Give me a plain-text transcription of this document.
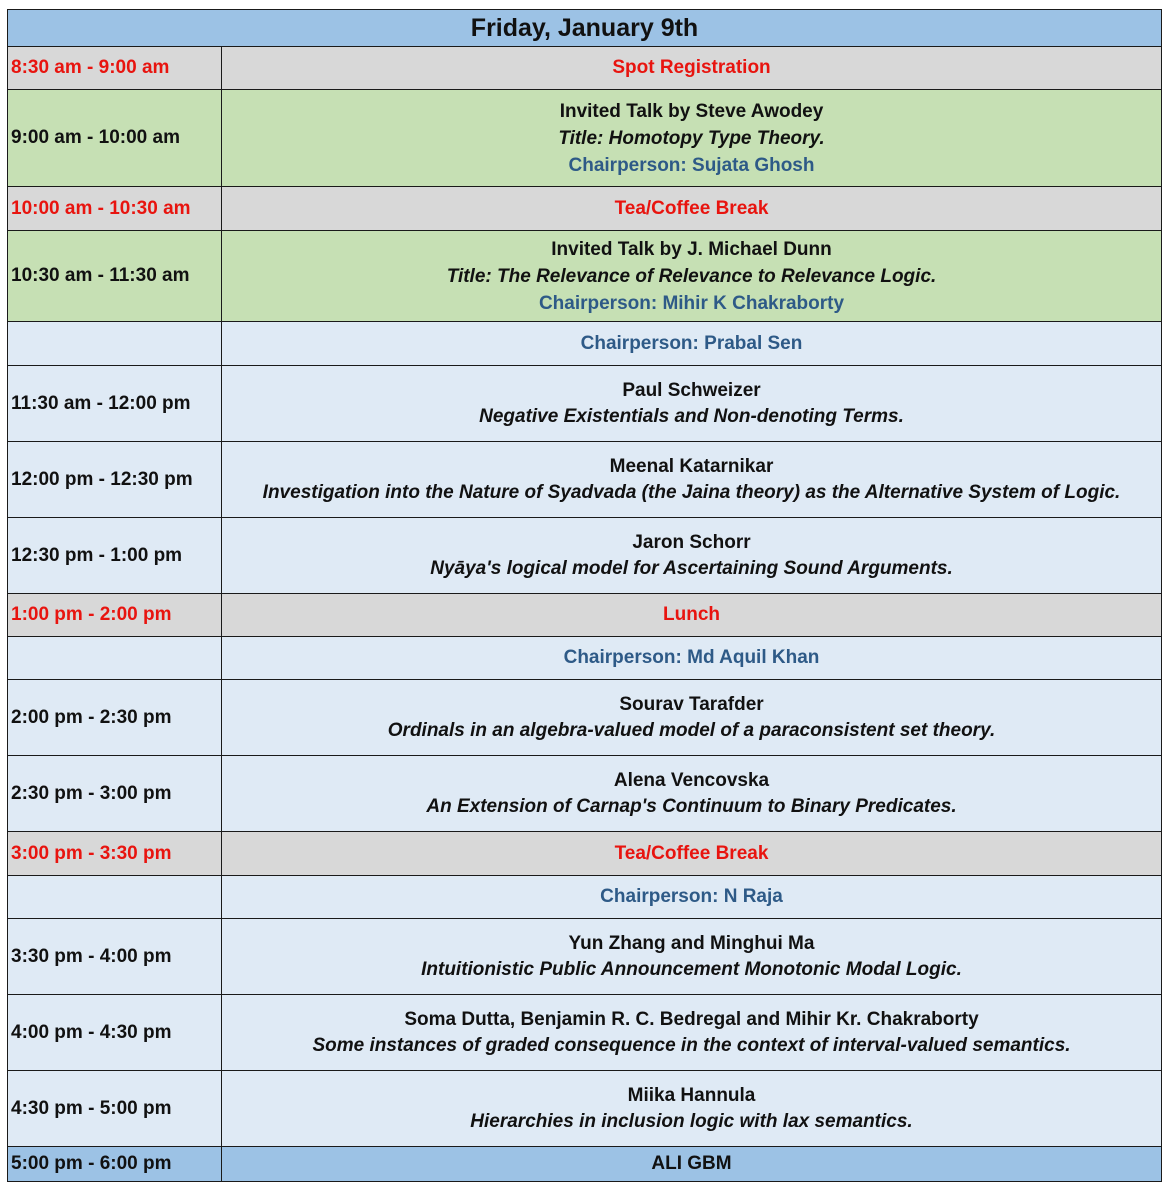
Friday, January 9th	
8:30 am - 9:00 am	Spot Registration
9:00 am - 10:00 am	Invited Talk by Steve Awodey
Title: Homotopy Type Theory.
Chairperson: Sujata Ghosh

10:00 am - 10:30 am	Tea/Coffee Break
10:30 am - 11:30 am	Invited Talk by J. Michael Dunn
Title: The Relevance of Relevance to Relevance Logic.
Chairperson: Mihir K Chakraborty

	Chairperson: Prabal Sen
11:30 am - 12:00 pm	Paul Schweizer
Negative Existentials and Non-denoting Terms.

12:00 pm - 12:30 pm	Meenal Katarnikar
Investigation into the Nature of Syadvada (the Jaina theory) as the Alternative System of Logic.

12:30 pm - 1:00 pm	Jaron Schorr
Nyāya's logical model for Ascertaining Sound Arguments.

1:00 pm - 2:00 pm	Lunch
	Chairperson: Md Aquil Khan
2:00 pm - 2:30 pm	Sourav Tarafder
Ordinals in an algebra-valued model of a paraconsistent set theory.

2:30 pm - 3:00 pm	Alena Vencovska
An Extension of Carnap's Continuum to Binary Predicates.

3:00 pm - 3:30 pm	Tea/Coffee Break
	Chairperson: N Raja
3:30 pm - 4:00 pm	Yun Zhang and Minghui Ma
Intuitionistic Public Announcement Monotonic Modal Logic.

4:00 pm - 4:30 pm	Soma Dutta, Benjamin R. C. Bedregal and Mihir Kr. Chakraborty
Some instances of graded consequence in the context of interval-valued semantics.

4:30 pm - 5:00 pm	Miika Hannula
Hierarchies in inclusion logic with lax semantics.

5:00 pm - 6:00 pm	ALI GBM
